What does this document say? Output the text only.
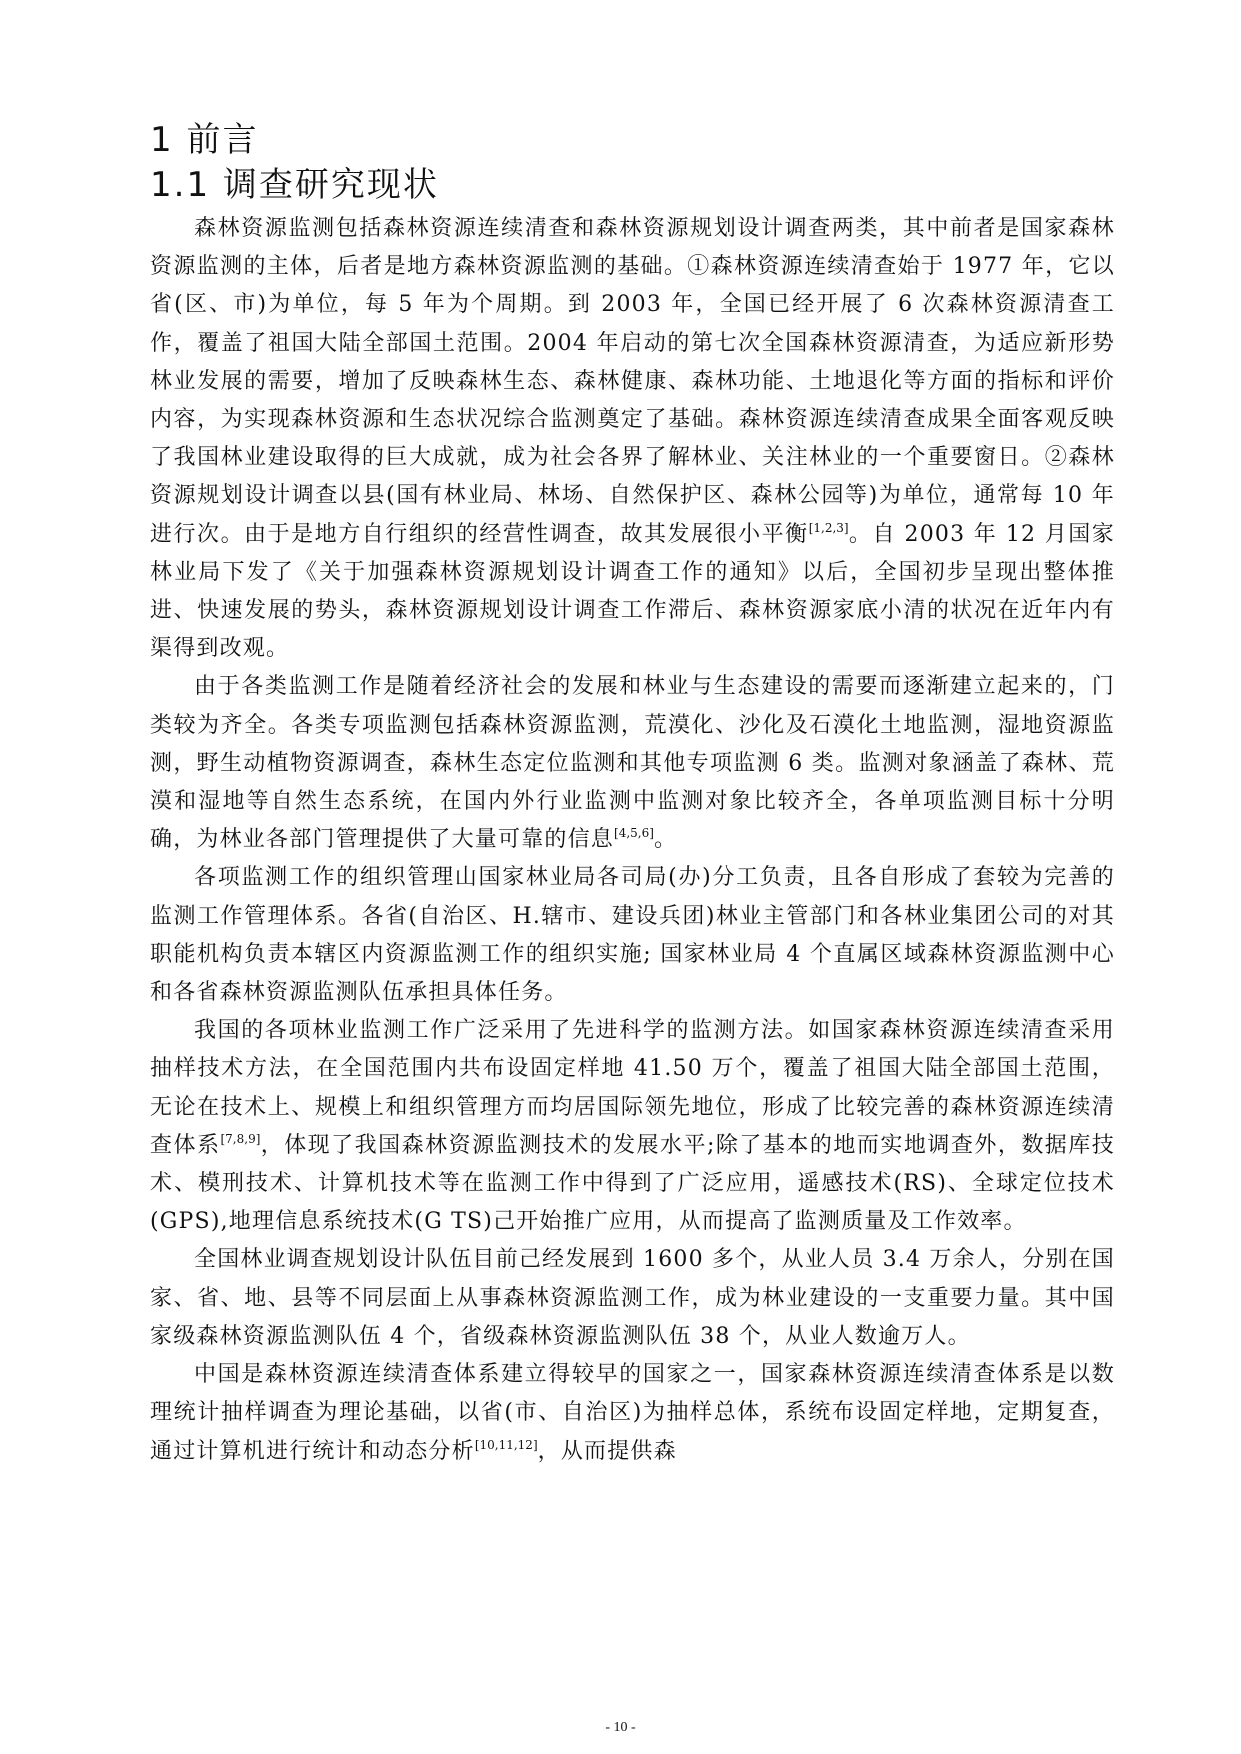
1 前言
1.1 调查研究现状

森林资源监测包括森林资源连续清查和森林资源规划设计调查两类，其中前者是国家森林资源监测的主体，后者是地方森林资源监测的基础。①森林资源连续清查始于 1977 年，它以省(区、市)为单位，每 5 年为个周期。到 2003 年，全国已经开展了 6 次森林资源清查工作，覆盖了祖国大陆全部国土范围。2004 年启动的第七次全国森林资源清查，为适应新形势林业发展的需要，增加了反映森林生态、森林健康、森林功能、土地退化等方面的指标和评价内容，为实现森林资源和生态状况综合监测奠定了基础。森林资源连续清查成果全面客观反映了我国林业建设取得的巨大成就，成为社会各界了解林业、关注林业的一个重要窗日。②森林资源规划设计调查以县(国有林业局、林场、自然保护区、森林公园等)为单位，通常每 10 年进行次。由于是地方自行组织的经营性调查，故其发展很小平衡[1,2,3]。自 2003 年 12 月国家林业局下发了《关于加强森林资源规划设计调查工作的通知》以后，全国初步呈现出整体推进、快速发展的势头，森林资源规划设计调查工作滞后、森林资源家底小清的状况在近年内有渠得到改观。

由于各类监测工作是随着经济社会的发展和林业与生态建设的需要而逐渐建立起来的，门类较为齐全。各类专项监测包括森林资源监测，荒漠化、沙化及石漠化土地监测，湿地资源监测，野生动植物资源调查，森林生态定位监测和其他专项监测 6 类。监测对象涵盖了森林、荒漠和湿地等自然生态系统，在国内外行业监测中监测对象比较齐全，各单项监测目标十分明确，为林业各部门管理提供了大量可靠的信息[4,5,6]。

各项监测工作的组织管理山国家林业局各司局(办)分工负责，且各自形成了套较为完善的监测工作管理体系。各省(自治区、H.辖市、建设兵团)林业主管部门和各林业集团公司的对其职能机构负责本辖区内资源监测工作的组织实施; 国家林业局 4 个直属区域森林资源监测中心和各省森林资源监测队伍承担具体任务。

我国的各项林业监测工作广泛采用了先进科学的监测方法。如国家森林资源连续清查采用抽样技术方法，在全国范围内共布设固定样地 41.50 万个，覆盖了祖国大陆全部国土范围，无论在技术上、规模上和组织管理方而均居国际领先地位，形成了比较完善的森林资源连续清查体系[7,8,9]，体现了我国森林资源监测技术的发展水平;除了基本的地而实地调查外，数据库技术、模刑技术、计算机技术等在监测工作中得到了广泛应用，遥感技术(RS)、全球定位技术(GPS),地理信息系统技术(G TS)己开始推广应用，从而提高了监测质量及工作效率。

全国林业调查规划设计队伍目前己经发展到 1600 多个，从业人员 3.4 万余人，分别在国家、省、地、县等不同层面上从事森林资源监测工作，成为林业建设的一支重要力量。其中国家级森林资源监测队伍 4 个，省级森林资源监测队伍 38 个，从业人数逾万人。

中国是森林资源连续清查体系建立得较早的国家之一，国家森林资源连续清查体系是以数理统计抽样调查为理论基础，以省(市、自治区)为抽样总体，系统布设固定样地，定期复查，通过计算机进行统计和动态分析[10,11,12]，从而提供森

- 10 -
